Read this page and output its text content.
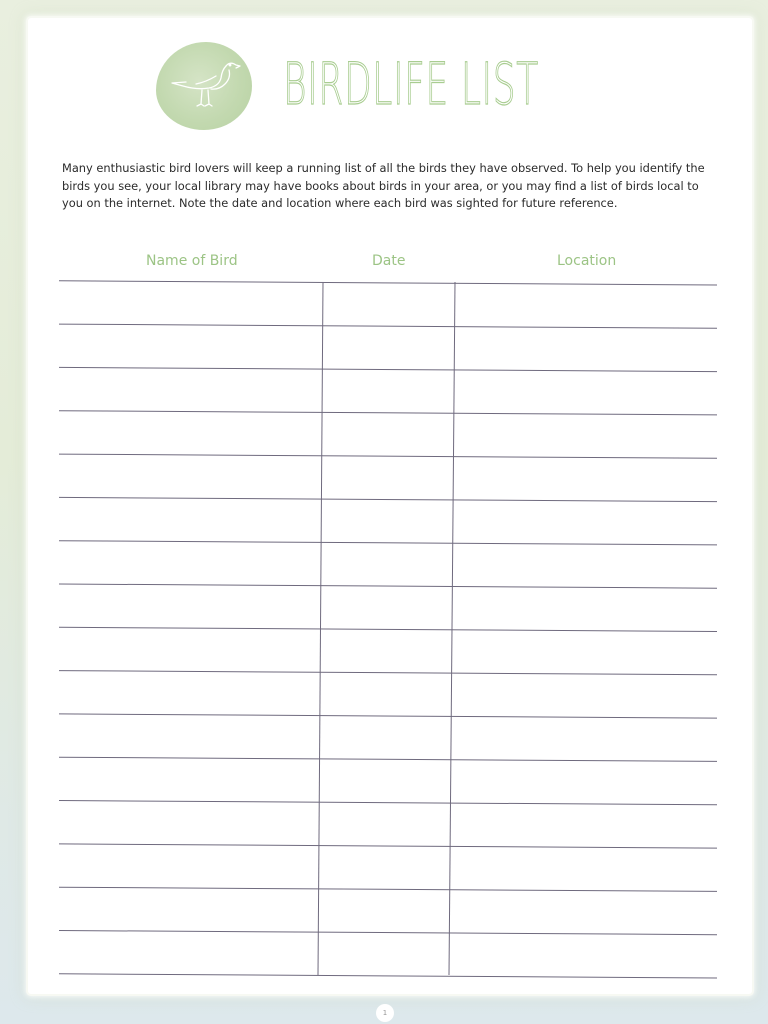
BIRDLIFE LIST

Many enthusiastic bird lovers will keep a running list of all the birds they have observed. To help you identify the birds you see, your local library may have books about birds in your area, or you may find a list of birds local to you on the internet. Note the date and location where each bird was sighted for future reference.

Name of Bird	Date	Location
1
